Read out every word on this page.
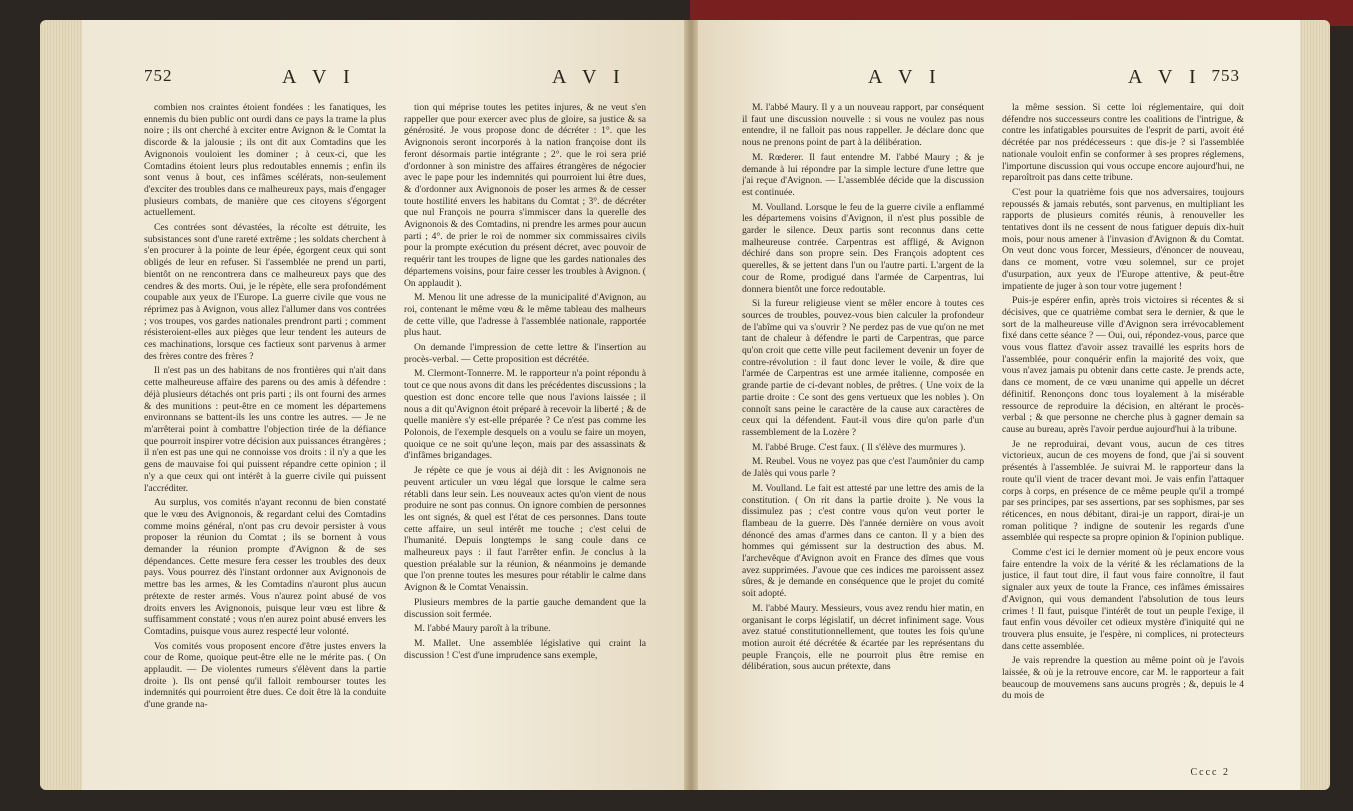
752	A V I	A V I

combien nos craintes étoient fondées : les fanatiques, les ennemis du bien public ont ourdi dans ce pays la trame la plus noire ; ils ont cherché à exciter entre Avignon & le Comtat la discorde & la jalousie ; ils ont dit aux Comtadins que les Avignonois vouloient les dominer ; à ceux-ci, que les Comtadins étoient leurs plus redoutables ennemis ; enfin ils sont venus à bout, ces infâmes scélérats, non-seulement d'exciter des troubles dans ce malheureux pays, mais d'engager plusieurs combats, de manière que ces citoyens s'égorgent actuellement.

Ces contrées sont dévastées, la récolte est détruite, les subsistances sont d'une rareté extrême ; les soldats cherchent à s'en procurer à la pointe de leur épée, égorgent ceux qui sont obligés de leur en refuser. Si l'assemblée ne prend un parti, bientôt on ne rencontrera dans ce malheureux pays que des cendres & des morts. Oui, je le répète, elle sera profondément coupable aux yeux de l'Europe. La guerre civile que vous ne réprimez pas à Avignon, vous allez l'allumer dans vos contrées ; vos troupes, vos gardes nationales prendront parti ; comment résisteroient-elles aux pièges que leur tendent les auteurs de ces machinations, lorsque ces factieux sont parvenus à armer des frères contre des frères ?

Il n'est pas un des habitans de nos frontières qui n'ait dans cette malheureuse affaire des parens ou des amis à défendre : déjà plusieurs détachés ont pris parti ; ils ont fourni des armes & des munitions : peut-être en ce moment les départemens environnans se battent-ils les uns contre les autres. — Je ne m'arrêterai point à combattre l'objection tirée de la défiance que pourroit inspirer votre décision aux puissances étrangères ; il n'en est pas une qui ne connoisse vos droits : il n'y a que les gens de mauvaise foi qui puissent répandre cette opinion ; il n'y a que ceux qui ont intérêt à la guerre civile qui puissent l'accréditer.

Au surplus, vos comités n'ayant reconnu de bien constaté que le vœu des Avignonois, & regardant celui des Comtadins comme moins général, n'ont pas cru devoir persister à vous proposer la réunion du Comtat ; ils se bornent à vous demander la réunion prompte d'Avignon & de ses dépendances. Cette mesure fera cesser les troubles des deux pays. Vous pourrez dès l'instant ordonner aux Avignonois de mettre bas les armes, & les Comtadins n'auront plus aucun prétexte de rester armés. Vous n'aurez point abusé de vos droits envers les Avignonois, puisque leur vœu est libre & suffisamment constaté ; vous n'en aurez point abusé envers les Comtadins, puisque vous aurez respecté leur volonté.

Vos comités vous proposent encore d'être justes envers la cour de Rome, quoique peut-être elle ne le mérite pas. ( On applaudit. — De violentes rumeurs s'élèvent dans la partie droite ). Ils ont pensé qu'il falloit rembourser toutes les indemnités qui pourroient être dues. Ce doit être là la conduite d'une grande na-

tion qui méprise toutes les petites injures, & ne veut s'en rappeller que pour exercer avec plus de gloire, sa justice & sa générosité. Je vous propose donc de décréter : 1°. que les Avignonois seront incorporés à la nation françoise dont ils feront désormais partie intégrante ; 2°. que le roi sera prié d'ordonner à son ministre des affaires étrangères de négocier avec le pape pour les indemnités qui pourroient lui être dues, & d'ordonner aux Avignonois de poser les armes & de cesser toute hostilité envers les habitans du Comtat ; 3°. de décréter que nul François ne pourra s'immiscer dans la querelle des Avignonois & des Comtadins, ni prendre les armes pour aucun parti ; 4°. de prier le roi de nommer six commissaires civils pour la prompte exécution du présent décret, avec pouvoir de requérir tant les troupes de ligne que les gardes nationales des départemens voisins, pour faire cesser les troubles à Avignon. ( On applaudit ).

M. Menou lit une adresse de la municipalité d'Avignon, au roi, contenant le même vœu & le même tableau des malheurs de cette ville, que l'adresse à l'assemblée nationale, rapportée plus haut.

On demande l'impression de cette lettre & l'insertion au procès-verbal. — Cette proposition est décrétée.

M. Clermont-Tonnerre. M. le rapporteur n'a point répondu à tout ce que nous avons dit dans les précédentes discussions ; la question est donc encore telle que nous l'avions laissée ; il nous a dit qu'Avignon étoit préparé à recevoir la liberté ; & de quelle manière s'y est-elle préparée ? Ce n'est pas comme les Polonois, de l'exemple desquels on a voulu se faire un moyen, quoique ce ne soit qu'une leçon, mais par des assassinats & d'infâmes brigandages.

Je répète ce que je vous ai déjà dit : les Avignonois ne peuvent articuler un vœu légal que lorsque le calme sera rétabli dans leur sein. Les nouveaux actes qu'on vient de nous produire ne sont pas connus. On ignore combien de personnes les ont signés, & quel est l'état de ces personnes. Dans toute cette affaire, un seul intérêt me touche ; c'est celui de l'humanité. Depuis longtemps le sang coule dans ce malheureux pays : il faut l'arrêter enfin. Je conclus à la question préalable sur la réunion, & néanmoins je demande que l'on prenne toutes les mesures pour rétablir le calme dans Avignon & le Comtat Venaissin.

Plusieurs membres de la partie gauche demandent que la discussion soit fermée.

M. l'abbé Maury paroît à la tribune.

M. Mallet. Une assemblée législative qui craint la discussion ! C'est d'une imprudence sans exemple,

A V I	A V I 753

M. l'abbé Maury. Il y a un nouveau rapport, par conséquent il faut une discussion nouvelle : si vous ne voulez pas nous entendre, il ne falloit pas nous rappeller. Je déclare donc que nous ne prenons point de part à la délibération.

M. Rœderer. Il faut entendre M. l'abbé Maury ; & je demande à lui répondre par la simple lecture d'une lettre que j'ai reçue d'Avignon. — L'assemblée décide que la discussion est continuée.

M. Voulland. Lorsque le feu de la guerre civile a enflammé les départemens voisins d'Avignon, il n'est plus possible de garder le silence. Deux partis sont reconnus dans cette malheureuse contrée. Carpentras est affligé, & Avignon déchiré dans son propre sein. Des François adoptent ces querelles, & se jettent dans l'un ou l'autre parti. L'argent de la cour de Rome, prodigué dans l'armée de Carpentras, lui donnera bientôt une force redoutable.

Si la fureur religieuse vient se mêler encore à toutes ces sources de troubles, pouvez-vous bien calculer la profondeur de l'abîme qui va s'ouvrir ? Ne perdez pas de vue qu'on ne met tant de chaleur à défendre le parti de Carpentras, que parce qu'on croit que cette ville peut facilement devenir un foyer de contre-révolution : il faut donc lever le voile, & dire que l'armée de Carpentras est une armée italienne, composée en grande partie de ci-devant nobles, de prêtres. ( Une voix de la partie droite : Ce sont des gens vertueux que les nobles ). On connoît sans peine le caractère de la cause aux caractères de ceux qui la défendent. Faut-il vous dire qu'on parle d'un rassemblement de la Lozère ?

M. l'abbé Bruge. C'est faux. ( Il s'élève des murmures ).

M. Reubel. Vous ne voyez pas que c'est l'aumônier du camp de Jalès qui vous parle ?

M. Voulland. Le fait est attesté par une lettre des amis de la constitution. ( On rit dans la partie droite ). Ne vous la dissimulez pas ; c'est contre vous qu'on veut porter le flambeau de la guerre. Dès l'année dernière on vous avoit dénoncé des amas d'armes dans ce canton. Il y a bien des hommes qui gémissent sur la destruction des abus. M. l'archevêque d'Avignon avoit en France des dîmes que vous avez supprimées. J'avoue que ces indices me paroissent assez sûres, & je demande en conséquence que le projet du comité soit adopté.

M. l'abbé Maury. Messieurs, vous avez rendu hier matin, en organisant le corps législatif, un décret infiniment sage. Vous avez statué constitutionnellement, que toutes les fois qu'une motion auroit été décrétée & écartée par les représentans du peuple François, elle ne pourroit plus être remise en délibération, sous aucun prétexte, dans

la même session. Si cette loi réglementaire, qui doit défendre nos successeurs contre les coalitions de l'intrigue, & contre les infatigables poursuites de l'esprit de parti, avoit été décrétée par nos prédécesseurs : que dis-je ? si l'assemblée nationale vouloit enfin se conformer à ses propres réglemens, l'importune discussion qui vous occupe encore aujourd'hui, ne reparoîtroit pas dans cette tribune.

C'est pour la quatrième fois que nos adversaires, toujours repoussés & jamais rebutés, sont parvenus, en multipliant les rapports de plusieurs comités réunis, à renouveller les tentatives dont ils ne cessent de nous fatiguer depuis dix-huit mois, pour nous amener à l'invasion d'Avignon & du Comtat. On veut donc vous forcer, Messieurs, d'énoncer de nouveau, dans ce moment, votre vœu solemnel, sur ce projet d'usurpation, aux yeux de l'Europe attentive, & peut-être impatiente de juger à son tour votre jugement !

Puis-je espérer enfin, après trois victoires si récentes & si décisives, que ce quatrième combat sera le dernier, & que le sort de la malheureuse ville d'Avignon sera irrévocablement fixé dans cette séance ? — Oui, oui, répondez-vous, parce que vous vous flattez d'avoir assez travaillé les esprits hors de l'assemblée, pour conquérir enfin la majorité des voix, que vous n'avez jamais pu obtenir dans cette caste. Je prends acte, dans ce moment, de ce vœu unanime qui appelle un décret définitif. Renonçons donc tous loyalement à la misérable ressource de reproduire la décision, en altérant le procès-verbal ; & que personne ne cherche plus à gagner demain sa cause au bureau, après l'avoir perdue aujourd'hui à la tribune.

Je ne reproduirai, devant vous, aucun de ces titres victorieux, aucun de ces moyens de fond, que j'ai si souvent présentés à l'assemblée. Je suivrai M. le rapporteur dans la route qu'il vient de tracer devant moi. Je vais enfin l'attaquer corps à corps, en présence de ce même peuple qu'il a trompé par ses principes, par ses assertions, par ses sophismes, par ses réticences, en nous débitant, dirai-je un rapport, dirai-je un roman politique ? indigne de soutenir les regards d'une assemblée qui respecte sa propre opinion & l'opinion publique.

Comme c'est ici le dernier moment où je peux encore vous faire entendre la voix de la vérité & les réclamations de la justice, il faut tout dire, il faut vous faire connoître, il faut signaler aux yeux de toute la France, ces infâmes émissaires d'Avignon, qui vous demandent l'absolution de tous leurs crimes ! Il faut, puisque l'intérêt de tout un peuple l'exige, il faut enfin vous dévoiler cet odieux mystère d'iniquité qui ne trouvera plus ensuite, je l'espère, ni complices, ni protecteurs dans cette assemblée.

Je vais reprendre la question au même point où je l'avois laissée, & où je la retrouve encore, car M. le rapporteur a fait beaucoup de mouvemens sans aucuns progrès ; &, depuis le 4 du mois de

Cccc 2
